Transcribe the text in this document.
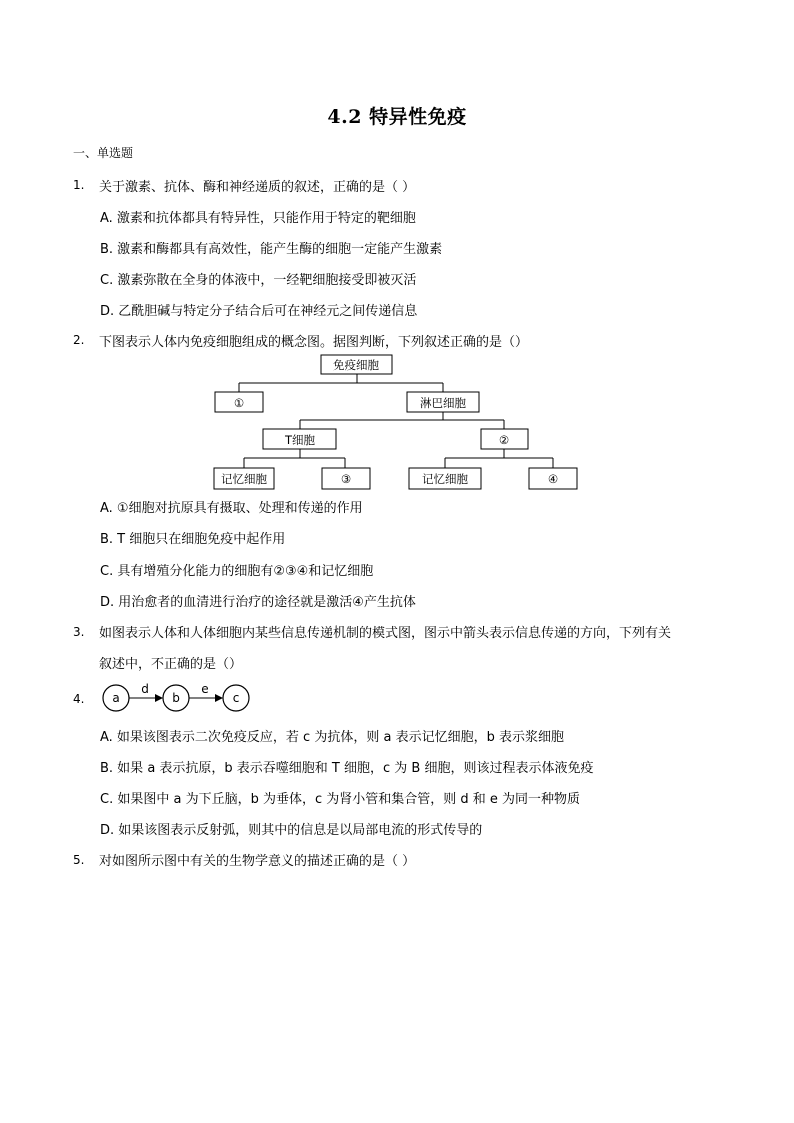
4.2 特异性免疫
一、单选题
1. 关于激素、抗体、酶和神经递质的叙述，正确的是（ ）
A. 激素和抗体都具有特异性，只能作用于特定的靶细胞
B. 激素和酶都具有高效性，能产生酶的细胞一定能产生激素
C. 激素弥散在全身的体液中，一经靶细胞接受即被灭活
D. 乙酰胆碱与特定分子结合后可在神经元之间传递信息
2. 下图表示人体内免疫细胞组成的概念图。据图判断，下列叙述正确的是（）
免疫细胞
①	淋巴细胞
T细胞	②
记忆细胞	③	记忆细胞	④
A. ①细胞对抗原具有摄取、处理和传递的作用
B. T 细胞只在细胞免疫中起作用
C. 具有增殖分化能力的细胞有②③④和记忆细胞
D. 用治愈者的血清进行治疗的途径就是激活④产生抗体
3. 如图表示人体和人体细胞内某些信息传递机制的模式图，图示中箭头表示信息传递的方向，下列有关
叙述中，不正确的是（）
4. a	b	c
d	e
A. 如果该图表示二次免疫反应，若 c 为抗体，则 a 表示记忆细胞，b 表示浆细胞
B. 如果 a 表示抗原，b 表示吞噬细胞和 T 细胞，c 为 B 细胞，则该过程表示体液免疫
C. 如果图中 a 为下丘脑，b 为垂体，c 为肾小管和集合管，则 d 和 e 为同一种物质
D. 如果该图表示反射弧，则其中的信息是以局部电流的形式传导的
5. 对如图所示图中有关的生物学意义的描述正确的是（ ）
